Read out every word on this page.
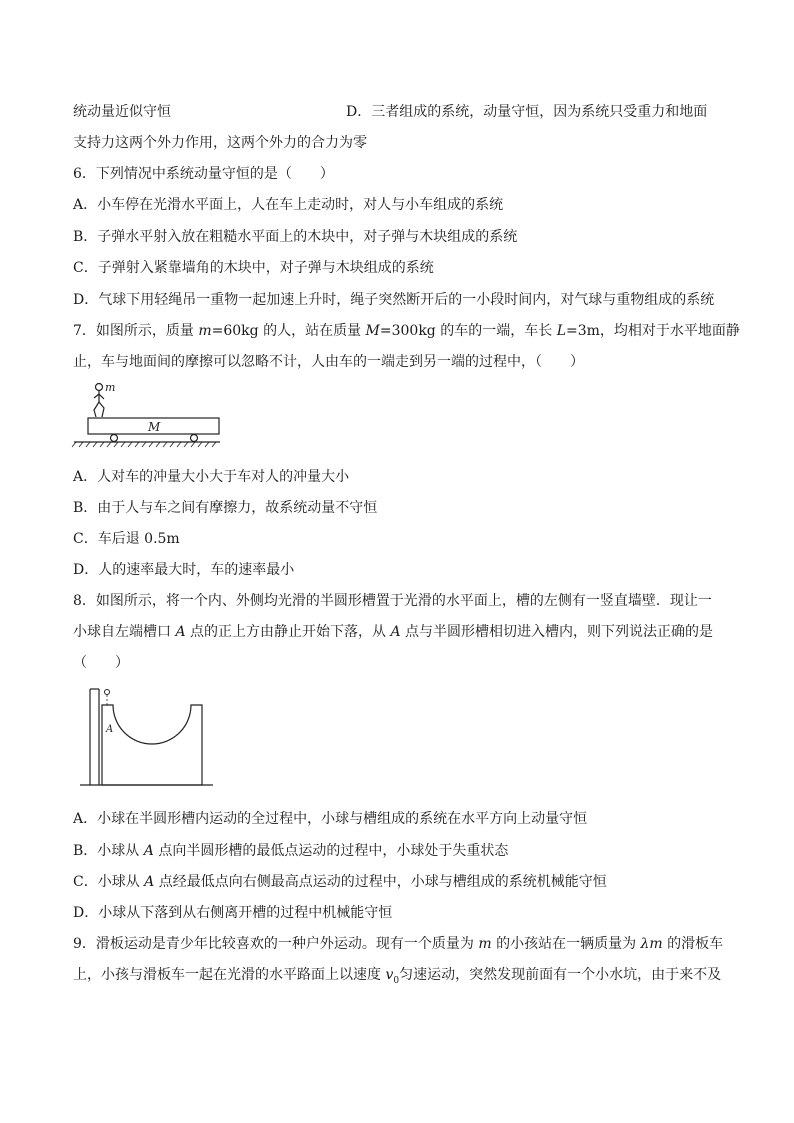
统动量近似守恒	D．三者组成的系统，动量守恒，因为系统只受重力和地面
支持力这两个外力作用，这两个外力的合力为零
6．下列情况中系统动量守恒的是（　　）
A．小车停在光滑水平面上，人在车上走动时，对人与小车组成的系统
B．子弹水平射入放在粗糙水平面上的木块中，对子弹与木块组成的系统
C．子弹射入紧靠墙角的木块中，对子弹与木块组成的系统
D．气球下用轻绳吊一重物一起加速上升时，绳子突然断开后的一小段时间内，对气球与重物组成的系统
7．如图所示，质量 m=60kg 的人，站在质量 M=300kg 的车的一端，车长 L=3m，均相对于水平地面静
止，车与地面间的摩擦可以忽略不计，人由车的一端走到另一端的过程中，（　　）
m
M
A．人对车的冲量大小大于车对人的冲量大小
B．由于人与车之间有摩擦力，故系统动量不守恒
C．车后退 0.5m
D．人的速率最大时，车的速率最小
8．如图所示，将一个内、外侧均光滑的半圆形槽置于光滑的水平面上，槽的左侧有一竖直墙壁．现让一
小球自左端槽口 A 点的正上方由静止开始下落，从 A 点与半圆形槽相切进入槽内，则下列说法正确的是
（　　）
A
A．小球在半圆形槽内运动的全过程中，小球与槽组成的系统在水平方向上动量守恒
B．小球从 A 点向半圆形槽的最低点运动的过程中，小球处于失重状态
C．小球从 A 点经最低点向右侧最高点运动的过程中，小球与槽组成的系统机械能守恒
D．小球从下落到从右侧离开槽的过程中机械能守恒
9．滑板运动是青少年比较喜欢的一种户外运动。现有一个质量为 m 的小孩站在一辆质量为 λm 的滑板车
上，小孩与滑板车一起在光滑的水平路面上以速度 $v_0$匀速运动，突然发现前面有一个小水坑，由于来不及
